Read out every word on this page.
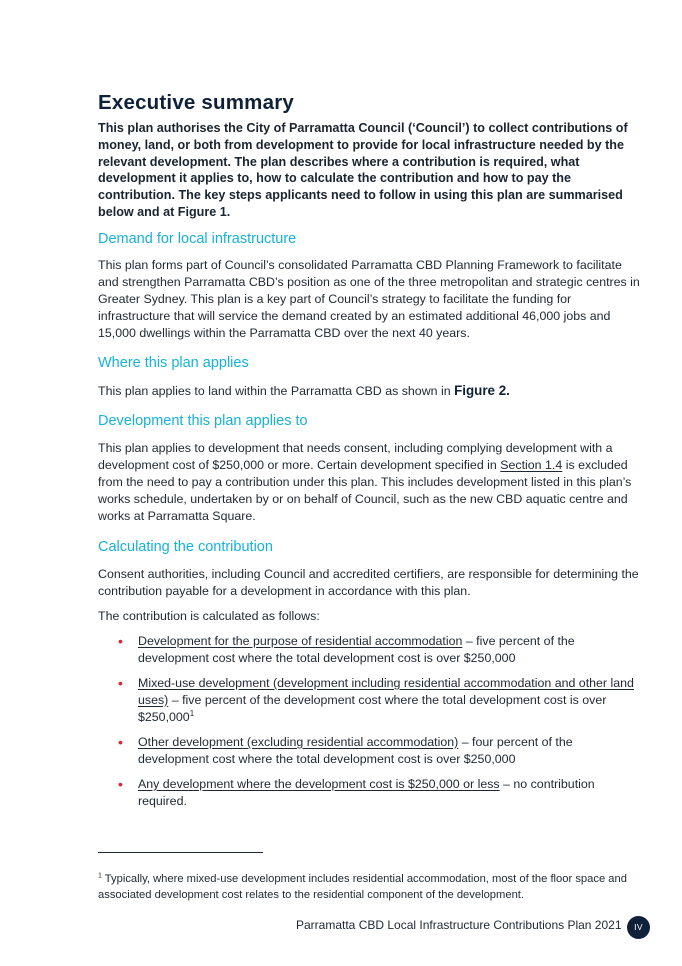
Executive summary

This plan authorises the City of Parramatta Council (‘Council’) to collect contributions of money, land, or both from development to provide for local infrastructure needed by the relevant development. The plan describes where a contribution is required, what development it applies to, how to calculate the contribution and how to pay the contribution. The key steps applicants need to follow in using this plan are summarised below and at Figure 1.

Demand for local infrastructure

This plan forms part of Council’s consolidated Parramatta CBD Planning Framework to facilitate and strengthen Parramatta CBD’s position as one of the three metropolitan and strategic centres in Greater Sydney. This plan is a key part of Council’s strategy to facilitate the funding for infrastructure that will service the demand created by an estimated additional 46,000 jobs and 15,000 dwellings within the Parramatta CBD over the next 40 years.

Where this plan applies

This plan applies to land within the Parramatta CBD as shown in Figure 2.

Development this plan applies to

This plan applies to development that needs consent, including complying development with a development cost of $250,000 or more. Certain development specified in Section 1.4 is excluded from the need to pay a contribution under this plan. This includes development listed in this plan’s works schedule, undertaken by or on behalf of Council, such as the new CBD aquatic centre and works at Parramatta Square.

Calculating the contribution

Consent authorities, including Council and accredited certifiers, are responsible for determining the contribution payable for a development in accordance with this plan.

The contribution is calculated as follows:

• Development for the purpose of residential accommodation – five percent of the development cost where the total development cost is over $250,000
• Mixed-use development (development including residential accommodation and other land uses) – five percent of the development cost where the total development cost is over $250,000$^1$
• Other development (excluding residential accommodation) – four percent of the development cost where the total development cost is over $250,000
• Any development where the development cost is $250,000 or less – no contribution required.
$^1$ Typically, where mixed-use development includes residential accommodation, most of the floor space and associated development cost relates to the residential component of the development.
Parramatta CBD Local Infrastructure Contributions Plan 2021	IV
